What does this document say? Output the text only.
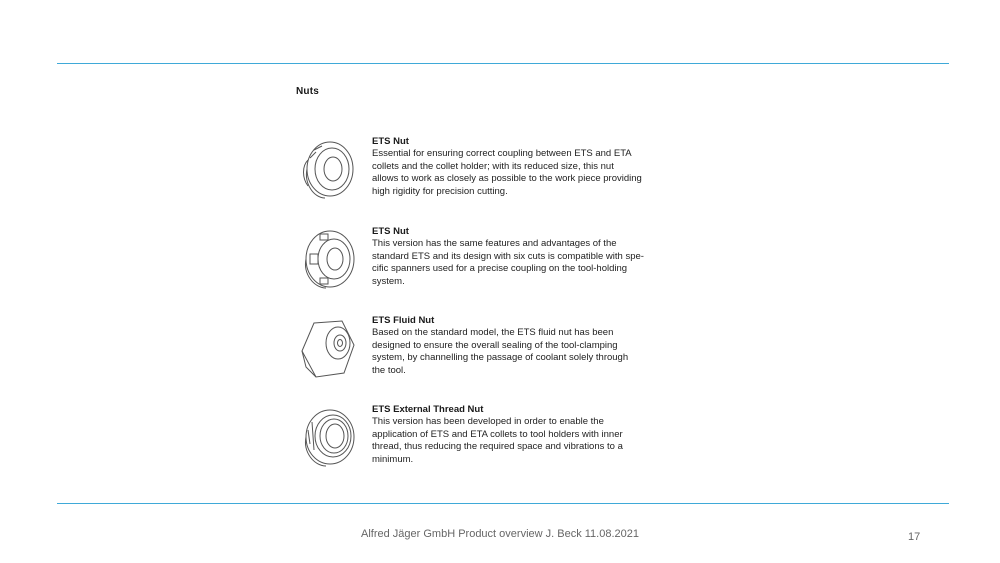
Nuts
ETS Nut
Essential for ensuring correct coupling between ETS and ETA
collets and the collet holder; with its reduced size, this nut
allows to work as closely as possible to the work piece providing
high rigidity for precision cutting.
ETS Nut
This version has the same features and advantages of the
standard ETS and its design with six cuts is compatible with spe-
cific spanners used for a precise coupling on the tool-holding
system.
ETS Fluid Nut
Based on the standard model, the ETS fluid nut has been
designed to ensure the overall sealing of the tool-clamping
system, by channelling the passage of coolant solely through
the tool.
ETS External Thread Nut
This version has been developed in order to enable the
application of ETS and ETA collets to tool holders with inner
thread, thus reducing the required space and vibrations to a
minimum.
Alfred Jäger GmbH Product overview J. Beck 11.08.2021	17
